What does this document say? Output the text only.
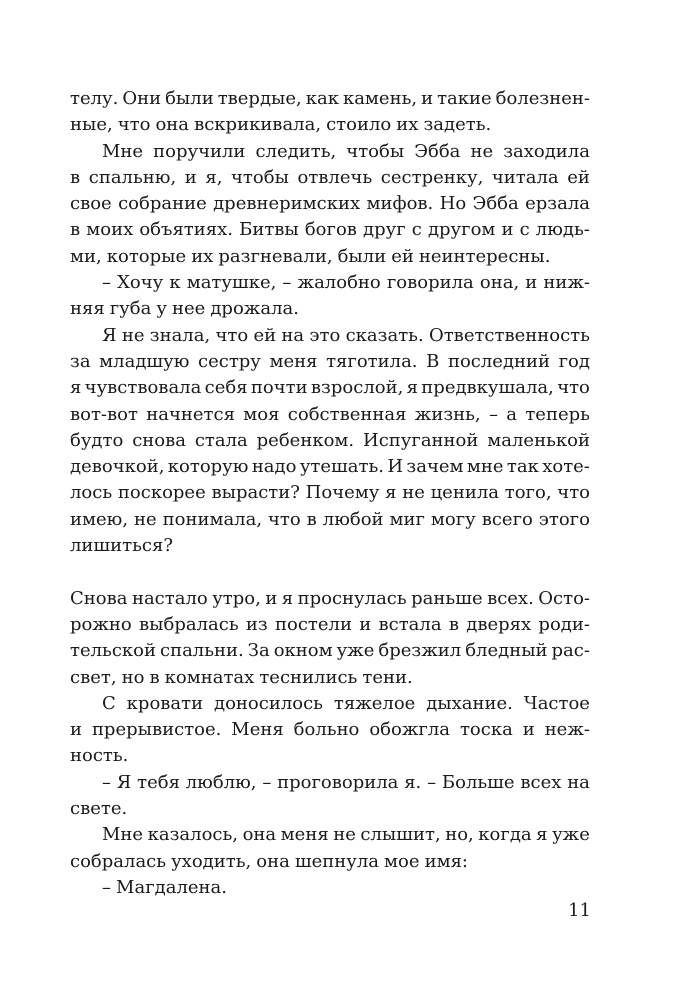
телу. Они были твердые, как камень, и такие болезнен-
ные, что она вскрикивала, стоило их задеть.
Мне поручили следить, чтобы Эбба не заходила
в спальню, и я, чтобы отвлечь сестренку, читала ей
свое собрание древнеримских мифов. Но Эбба ерзала
в моих объятиях. Битвы богов друг с другом и с людь-
ми, которые их разгневали, были ей неинтересны.
– Хочу к матушке, – жалобно говорила она, и ниж-
няя губа у нее дрожала.
Я не знала, что ей на это сказать. Ответственность
за младшую сестру меня тяготила. В последний год
я чувствовала себя почти взрослой, я предвкушала, что
вот-вот начнется моя собственная жизнь, – а теперь
будто снова стала ребенком. Испуганной маленькой
девочкой, которую надо утешать. И зачем мне так хоте-
лось поскорее вырасти? Почему я не ценила того, что
имею, не понимала, что в любой миг могу всего этого
лишиться?
Снова настало утро, и я проснулась раньше всех. Осто-
рожно выбралась из постели и встала в дверях роди-
тельской спальни. За окном уже брезжил бледный рас-
свет, но в комнатах теснились тени.
С кровати доносилось тяжелое дыхание. Частое
и прерывистое. Меня больно обожгла тоска и неж-
ность.
– Я тебя люблю, – проговорила я. – Больше всех на
свете.
Мне казалось, она меня не слышит, но, когда я уже
собралась уходить, она шепнула мое имя:
– Магдалена.
11
